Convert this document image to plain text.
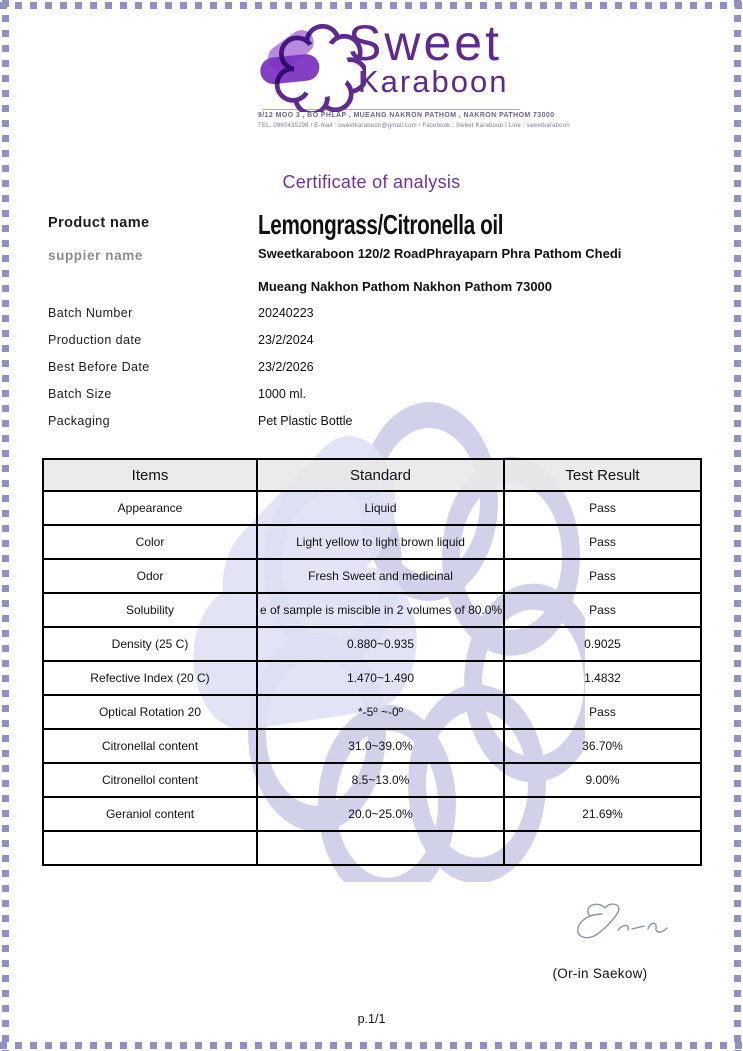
Sweet
Karaboon
9/12 MOO 3 , BO PHLAP , MUEANG NAKRON PATHOM , NAKRON PATHOM 73000
TEL. 0960435298 / E-mail : sweetkaraboon@gmail.com / Facebook : Sweet Karaboon / Line : sweetkaraboon
Certificate of analysis
Product name	Lemongrass/Citronella oil
suppier name	Sweetkaraboon 120/2 RoadPhrayaparn Phra Pathom Chedi
Mueang Nakhon Pathom Nakhon Pathom 73000
Batch Number	20240223
Production date	23/2/2024
Best Before Date	23/2/2026
Batch Size	1000 ml.
Packaging	Pet Plastic Bottle
Items	Standard	Test Result

Appearance	Liquid	Pass

Color	Light yellow to light brown liquid	Pass

Odor	Fresh Sweet and medicinal	Pass

Solubility	e of sample is miscible in 2 volumes of 80.0%	Pass

Density (25 C)	0.880~0.935	0.9025

Refective Index (20 C)	1.470~1.490	1.4832

Optical Rotation 20	*-5º ~-0º	Pass

Citronellal content	31.0~39.0%	36.70%

Citronellol content	8.5~13.0%	9.00%

Geraniol content	20.0~25.0%	21.69%

(Or-in Saekow)
p.1/1
